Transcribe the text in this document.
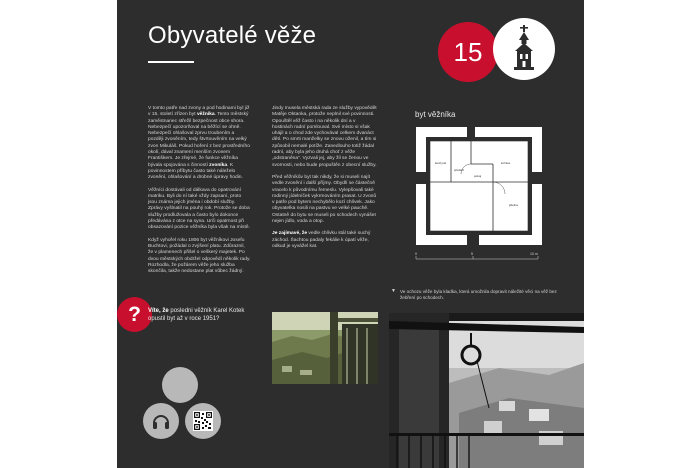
Obyvatelé věže
15

V tomto patře nad zvony a pod hodinami byl již v 15. století zřízen byt věžníka. Tento městský zaměstnanec střežil bezpečnost obce shora. Nebezpečí upozorňoval na běžící se ohně. Nebezpečí ohlašoval zprvu troubením a později zvoněním, tedy štvrtouvěním na velký zvon Mikuláš. Pokud hoření z bez prostředního okolí, dával znamení menším zvonem Františkem. Je zřejmé, že funkce věžníka bývala spojována s činností zvoníka. K povinnostem příbytu často také náleželo zvonění, ohlašování a drobné úpravy hodin.

Věžníci dostávali od dálkava do opatrování matriku. Byli do ní také vždy zapsaní, proto jsou známa jejich jména i období služby. Zprávy vyšlnatil na pouhý rok. Protože se doba služby prodlužovala a často bylo dokonce předávána z otce na syna. Urči opatrnost při obsazování pozice věžníka byla však na místě.

Když vyhořel roku 1806 byt věžníkovi Josefu Buchtovi, požádal o zvýšení platu. Zdůraznil, že v plamenech přišel o veškerý majetek. Po dvou městských obdržel odpovědí několik rady. Rozhodla, že požárem věže jeho služba skončila, takže nedostane plat vůbec žádný.

Jindy musela městská rada ze služby vypovědět Matěje Oktanka, protože neplnil své povinnosti. Opouštěl věž často i na několik dní a v hostinách radní pomlouval. Své místo si však uhájil a o chod zde vychovával celkem dvanáct dětí. Po smrti manželky se znovu oženil, a tím si způsobil nemalé potíže. Zanedlouho totiž žádal radní, aby byla jeho druhá choť z věže „odstraněna". Vyzvali jej, aby žil se ženou ve svornosti, nebo bude propuštěn z obecní služby.

Před věžníkův byt tak nikdy, že si museli najít vedle zvonění i další příjmy. Obydlí se částečně vracelo k původnímu řemeslu. Vylepšovali také rodinný jídelníček vykrmováním prasat. U zvonů v patře pod bytem nechybělo kozí chlívek. Jako obyvatelka nosili na pastvu ve velké pauchě. Ostatně do bytu se museli po schodech vynášet nejen jídlo, voda a otop.

Je zajímavé, že vedle chlívku stál také suchý záchod. Šachtou padaly fekálie k úpatí věže, odkud je vyvážel kat.

byt věžníka
kuchyně
předsíň
ložnice
pokoj
jídelna
0	5	10 m
▼ Ve ochozu věže byla kladka, která umožnila dopravit náležité věci na věž bez žebření po schodech.
? Víte, že posledni věžník Karel Kotek opustil byt až v roce 1951?
